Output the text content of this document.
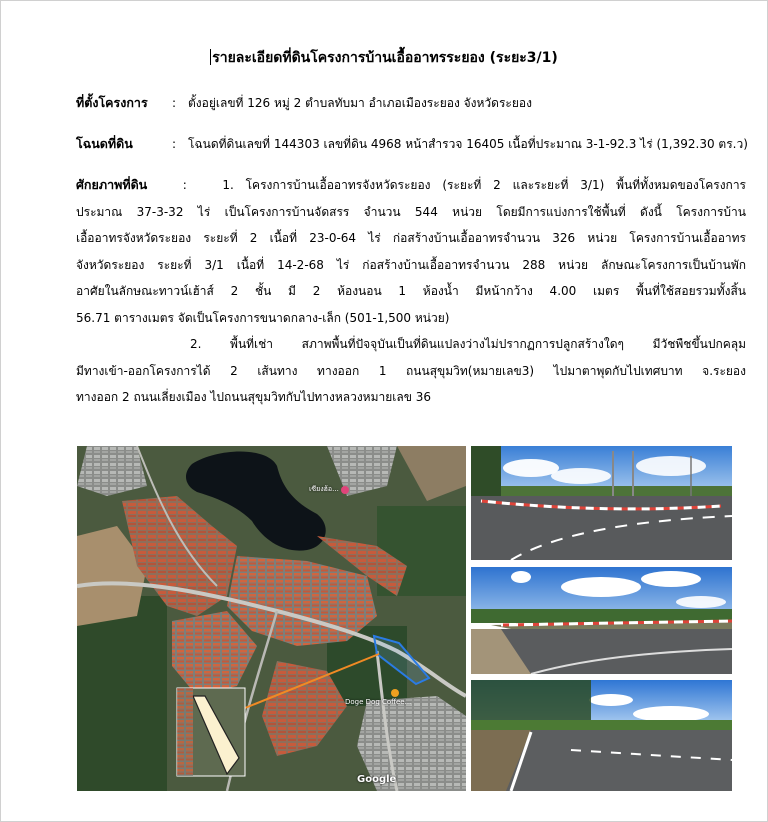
รายละเอียดที่ดินโครงการบ้านเอื้ออาทรระยอง (ระยะ3/1)
ที่ตั้งโครงการ : ตั้งอยู่เลขที่ 126 หมู่ 2 ตำบลทับมา อำเภอเมืองระยอง จังหวัดระยอง
โฉนดที่ดิน	: โฉนดที่ดินเลขที่ 144303 เลขที่ดิน 4968 หน้าสำรวจ 16405 เนื้อที่ประมาณ 3-1-92.3 ไร่ (1,392.30 ตร.ว)
ศักยภาพที่ดิน	:	1. โครงการบ้านเอื้ออาทรจังหวัดระยอง (ระยะที่ 2 และระยะที่ 3/1) พื้นที่ทั้งหมดของโครงการ
ประมาณ 37-3-32 ไร่ เป็นโครงการบ้านจัดสรร จำนวน 544 หน่วย โดยมีการแบ่งการใช้พื้นที่ ดังนี้ โครงการบ้าน
เอื้ออาทรจังหวัดระยอง ระยะที่ 2 เนื้อที่ 23-0-64 ไร่ ก่อสร้างบ้านเอื้ออาทรจำนวน 326 หน่วย โครงการบ้านเอื้ออาทร
จังหวัดระยอง ระยะที่ 3/1 เนื้อที่ 14-2-68 ไร่ ก่อสร้างบ้านเอื้ออาทรจำนวน 288 หน่วย ลักษณะโครงการเป็นบ้านพัก
อาศัยในลักษณะทาวน์เฮ้าส์ 2 ชั้น มี 2 ห้องนอน 1 ห้องน้ำ มีหน้ากว้าง 4.00 เมตร พื้นที่ใช้สอยรวมทั้งสิ้น
56.71 ตารางเมตร จัดเป็นโครงการขนาดกลาง-เล็ก (501-1,500 หน่วย)
2. พื้นที่เช่า สภาพพื้นที่ปัจจุบันเป็นที่ดินแปลงว่างไม่ปรากฏการปลูกสร้างใดๆ มีวัชพืชขึ้นปกคลุม
มีทางเข้า-ออกโครงการได้ 2 เส้นทาง ทางออก 1 ถนนสุขุมวิท(หมายเลข3) ไปมาตาพุดกับไปเทศบาท จ.ระยอง
ทางออก 2 ถนนเลี่ยงเมือง ไปถนนสุขุมวิทกับไปทางหลวงหมายเลข 36
เซียงฮ้อ...
Doge Dog Coffee...
Google
